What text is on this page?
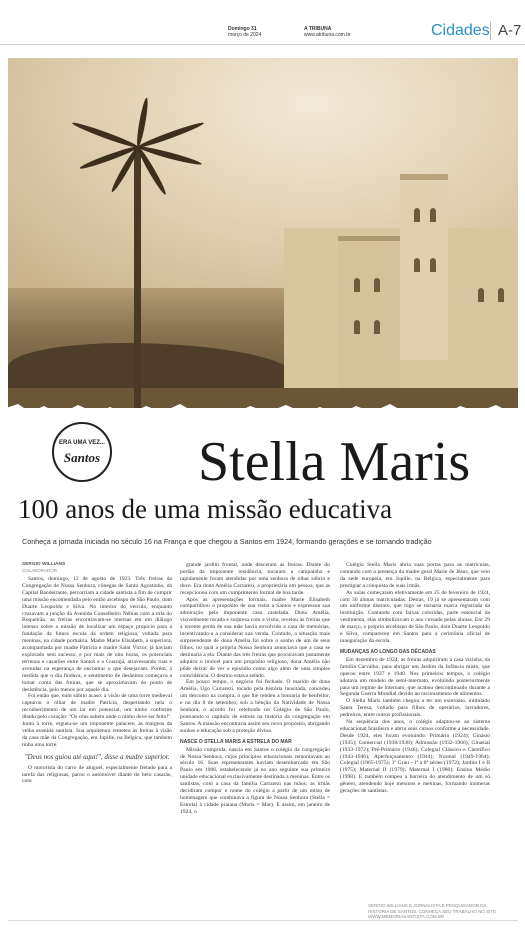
Domingo 31
março de 2024
A TRIBUNA
www.atribuna.com.br	Cidades A-7
ERA UMA VEZ...
Santos Stella Maris
100 anos de uma missão educativa
Conheça a jornada iniciada no século 16 na França e que chegou a Santos em 1924, formando gerações e se tornando tradição
SERGIO WILLIANS
COLABORADOR

Santos, domingo, 12 de agosto de 1923. Três freiras da Congregação de Nossa Senhora, cônegas de Santo Agostinho, da Capital Bandeirante, percorriam a cidade santista a fim de cumprir uma missão encomendada pelo então arcebispo de São Paulo, dom Duarte Leopoldo e Silva. No interior do veículo, enquanto cruzavam a junção da Avenida Conselheiro Nébias com a orla do Boqueirão, as freiras encontravam-se imersas em um diálogo intenso sobre a missão de localizar um espaço propício para a fundação da futura escola da ordem religiosa, voltada para meninas, na cidade portuária. Madre Marie Elisabeth, a superiora, acompanhada por madre Patrícia e madre Saint Victor, já haviam explorado sem sucesso, e por mais de oito horas, os potenciais terrenos e casarões entre Santos e o Guarujá, atravessando ruas e avenidas na esperança de encontrar o que desejavam. Porém, à medida que o dia findava, o sentimento de desânimo começava a tomar conta das freiras, que se aproximavam do ponto de desistência, pelo menos por aquele dia.

Foi então que, num súbito acaso, a visão de uma torre medieval capturou o olhar de madre Patrícia, despertando nela o reconhecimento de um lar em potencial, um ninho conforme ditado pelo coração: "Os céus sabem onde o ninho deve ser feito!". Junto à torre, ergueu-se um imponente palacete, às margens da velha avenida santista. Sua arquitetura remeteu às freiras à visão da casa mãe da Congregação, em Jupille, na Bélgica, que também tinha uma torre.

"Deus nos guiou até aqui!", disse a madre superior.

O motorista do carro de aluguel, especialmente fretado para a tarefa das religiosas, parou o automóvel diante do belo casarão, com

grande jardim frontal, onde desceram as freiras. Diante do portão da imponente residência, tocaram a campainha e rapidamente foram atendidas por uma senhora de olhar sóbrio e doce. Era dona Amélia Carrarezi, a proprietária em pessoa, que as recepcionou com um cumprimento formal de boa tarde.

Após as apresentações formais, madre Marie Elisabeth compartilhou o propósito de sua visita a Santos e expressou sua admiração pela imponente casa castelada. Dona Amélia, visivelmente tocada e surpresa com a visita, revelou às freiras que a recente perda de sua mãe havia envolvido a casa de memórias, incentivando-a a considerar sua venda. Contudo, a situação mais surpreendente de dona Amélia foi sobre o sonho de um de seus filhos, no qual a própria Nossa Senhora anunciava que a casa se destinaria a ela. Diante das três freiras que procuravam justamente adquirir o imóvel para um propósito religioso, dona Amélia não pôde deixar de ver o episódio como algo além de uma simples coincidência. O destino estava selado.

Em pouco tempo, o negócio foi fechado. O marido de dona Amélia, Ugo Carrarezi, tocado pela história inusitada, concedeu um desconto na compra, o que lhe rendeu a honraria de benfeitor, e no dia 8 de setembro, sob a bênção da Natividade de Nossa Senhora, o acordo foi celebrado no Colégio de São Paulo, pontuando o capítulo de estreia na história da congregação em Santos. A mansão encontraria assim seu novo propósito, abrigando sonhos e educação sob a proteção divina.

NASCE O STELLA MARIS A ESTRELA DO MAR

Missão cumprida, nascia em Santos o colégio da congregação de Nossa Senhora, cujos princípios educacionais remontavam ao século 16. Suas representantes haviam desembarcado em São Paulo em 1906, estabelecendo já no ano seguinte sua primeira unidade educacional exclusivamente destinada a meninas. Entre os santistas, com a casa da família Carrarezi nas mãos, as irmãs decidiram compor o nome do colégio a partir de um misto de homenagem que combinava a figura de Nossa Senhora (Stella = Estrela) à cidade praiana (Maris = Mar). E assim, em janeiro de 1924, o

Colégio Stella Maris abria suas portas para as matrículas, contando com a presença da madre geral Marie de Jésus, que veio da sede europeia, em Jupille, na Bélgica, especialmente para prestigiar a conquista de suas irmãs.

As aulas começaram efetivamente em 25 de fevereiro de 1924, com 30 alunas matriculadas. Destas, 19 já se apresentaram com um uniforme distinto, que logo se tornaria marca registrada da instituição. Contando com faixas coloridas, parte essencial da vestimenta, elas simbolizavam o ano cursado pelas alunas. Em 29 de março, o próprio arcebispo de São Paulo, dom Duarte Leopoldo e Silva, compareceu em Santos para a cerimônia oficial de inauguração da escola.

MUDANÇAS AO LONGO DAS DÉCADAS

Em dezembro de 1924, as freiras adquiriram a casa vizinha, da família Carvalho, para abrigar um Jardim da Infância misto, que operou entre 1937 e 1940. Nos primeiros tempos, o colégio adotava um modelo de semi-internato, evoluindo posteriormente para um regime de internato, que acabou descontinuado durante a Segunda Guerra Mundial devido ao racionamento de alimentos.

O Stella Maris também chegou a ter um externato, intitulado Santa Teresa, voltado para filhos de operários, lavradores, pedreiros, entre outros profissionais.

Na sequência dos anos, o colégio adaptou-se ao sistema educacional brasileiro e abriu seus cursos conforme a necessidade. Desde 1924, eles foram evoluindo: Primário (1924); Ginásio (1935); Comercial (1938/1938); Admissão (1932-1966); Ginasial (1933-1972); Pré-Primário (1946); Colegial Clássico e Científico (1943-1946); Aperfeiçoamento (1944); Normal (1949-1964); Colegial (1965-1975); 1º Grau - 1ª a 8ª séries (1972); Jardim I e II (1975); Maternal II (1979); Maternal I (1980); Ensino Médio (1998). E também rompeu a barreira do atendimento de um só gênero, atendendo hoje meninos e meninas, formando inúmeras gerações de santistas.

SERGIO WILLIANS É JORNALISTA E PESQUISADOR DA HISTÓRIA DE SANTOS. CONHEÇA SEU TRABALHO NO SITE WWW.MEMORIASANTISTA.COM.BR
